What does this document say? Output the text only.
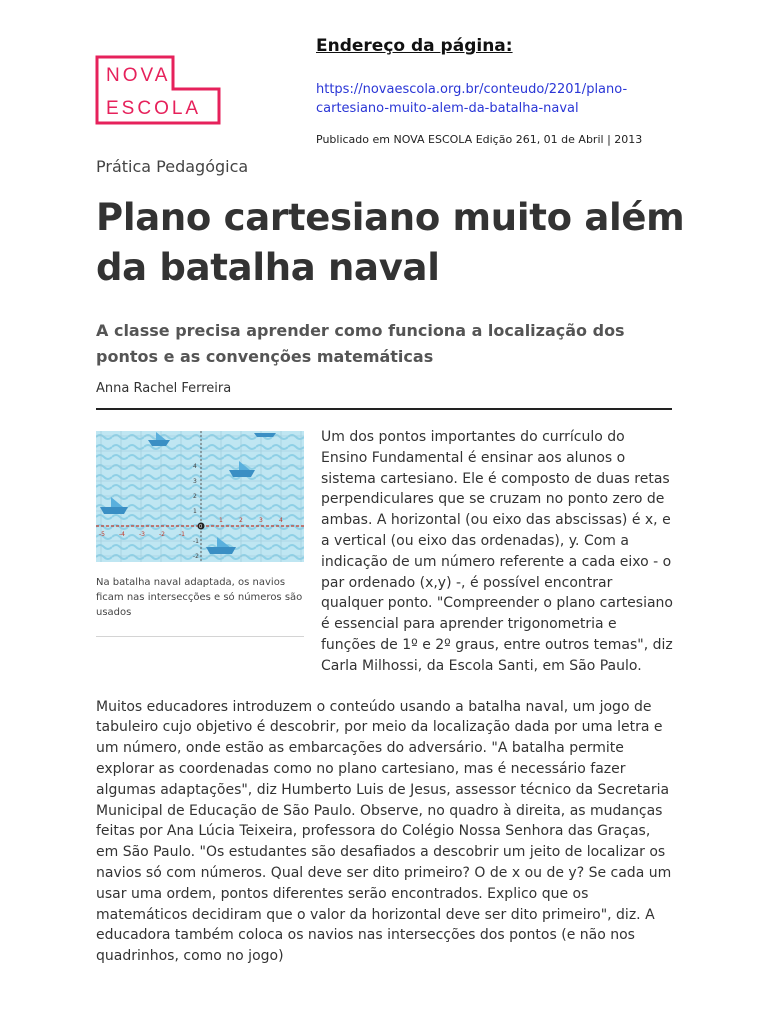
NOVA
ESCOLA
Endereço da página:
https://novaescola.org.br/conteudo/2201/plano-
cartesiano-muito-alem-da-batalha-naval
Publicado em NOVA ESCOLA Edição 261, 01 de Abril | 2013
Prática Pedagógica
Plano cartesiano muito além da batalha naval
A classe precisa aprender como funciona a localização dos pontos e as convenções matemáticas
Anna Rachel Ferreira
-5 -4 -3 -2 -1
1	2	3	4
0
4
3
2
1
-1
-2
Na batalha naval adaptada, os navios ficam nas intersecções e só números são usados

Um dos pontos importantes do currículo do Ensino Fundamental é ensinar aos alunos o sistema cartesiano. Ele é composto de duas retas perpendiculares que se cruzam no ponto zero de ambas. A horizontal (ou eixo das abscissas) é x, e a vertical (ou eixo das ordenadas), y. Com a indicação de um número referente a cada eixo - o par ordenado (x,y) -, é possível encontrar qualquer ponto. "Compreender o plano cartesiano é essencial para aprender trigonometria e funções de 1º e 2º graus, entre outros temas", diz Carla Milhossi, da Escola Santi, em São Paulo.

Muitos educadores introduzem o conteúdo usando a batalha naval, um jogo de tabuleiro cujo objetivo é descobrir, por meio da localização dada por uma letra e um número, onde estão as embarcações do adversário. "A batalha permite explorar as coordenadas como no plano cartesiano, mas é necessário fazer algumas adaptações", diz Humberto Luis de Jesus, assessor técnico da Secretaria Municipal de Educação de São Paulo. Observe, no quadro à direita, as mudanças feitas por Ana Lúcia Teixeira, professora do Colégio Nossa Senhora das Graças, em São Paulo. "Os estudantes são desafiados a descobrir um jeito de localizar os navios só com números. Qual deve ser dito primeiro? O de x ou de y? Se cada um usar uma ordem, pontos diferentes serão encontrados. Explico que os matemáticos decidiram que o valor da horizontal deve ser dito primeiro", diz. A educadora também coloca os navios nas intersecções dos pontos (e não nos quadrinhos, como no jogo)
